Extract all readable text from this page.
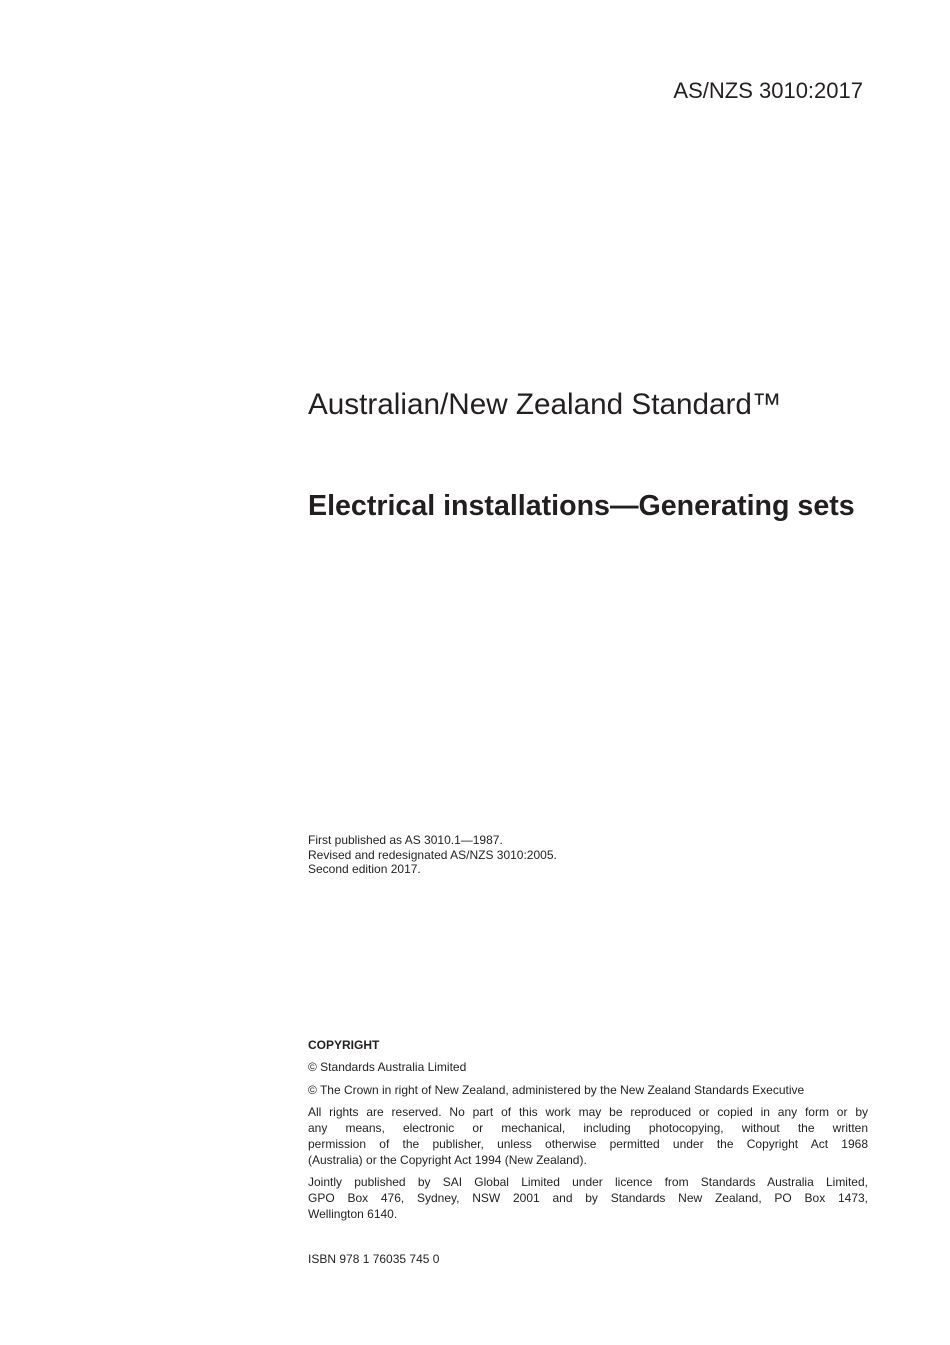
AS/NZS 3010:2017
Australian/New Zealand Standard™
Electrical installations—Generating sets
First published as AS 3010.1—1987.
Revised and redesignated AS/NZS 3010:2005.
Second edition 2017.
COPYRIGHT
© Standards Australia Limited
© The Crown in right of New Zealand, administered by the New Zealand Standards Executive
All rights are reserved. No part of this work may be reproduced or copied in any form or by
any means, electronic or mechanical, including photocopying, without the written
permission of the publisher, unless otherwise permitted under the Copyright Act 1968
(Australia) or the Copyright Act 1994 (New Zealand).
Jointly published by SAI Global Limited under licence from Standards Australia Limited,
GPO Box 476, Sydney, NSW 2001 and by Standards New Zealand, PO Box 1473,
Wellington 6140.
ISBN 978 1 76035 745 0
